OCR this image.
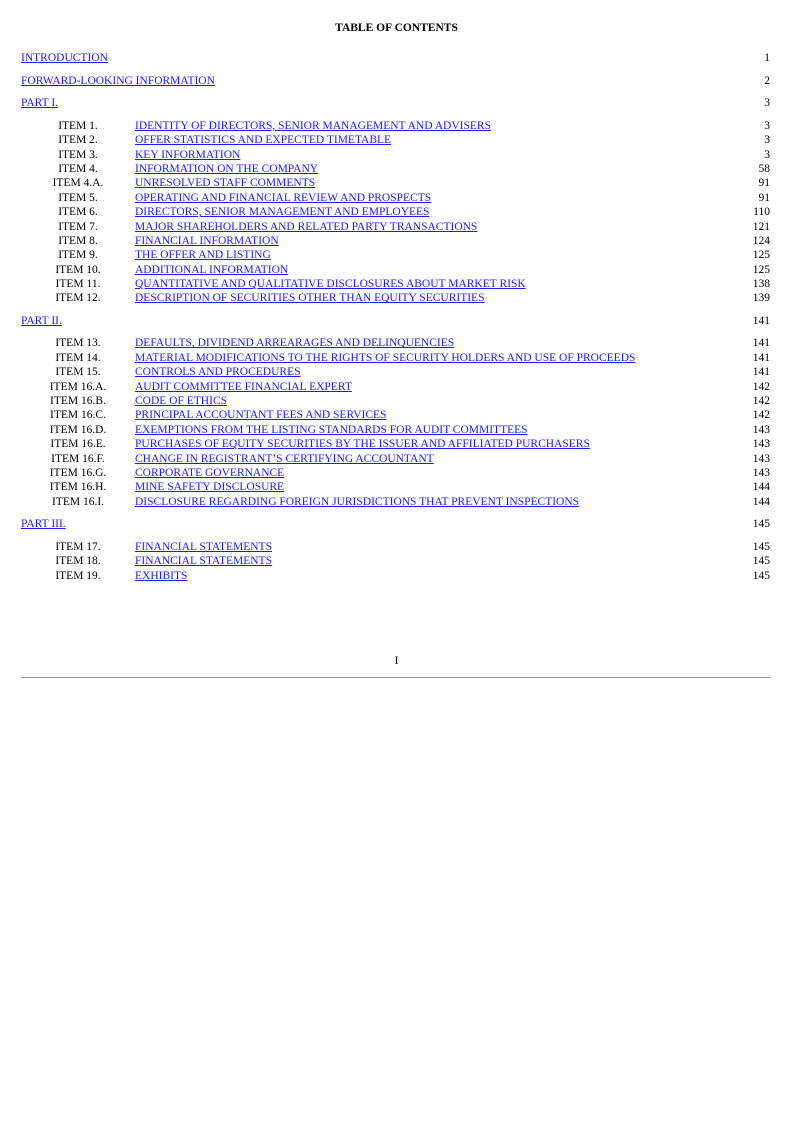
TABLE OF CONTENTS
INTRODUCTION	1
FORWARD-LOOKING INFORMATION	2
PART I.	3
ITEM 1.	IDENTITY OF DIRECTORS, SENIOR MANAGEMENT AND ADVISERS	3
ITEM 2.	OFFER STATISTICS AND EXPECTED TIMETABLE	3
ITEM 3.	KEY INFORMATION	3
ITEM 4.	INFORMATION ON THE COMPANY	58
ITEM 4.A.	UNRESOLVED STAFF COMMENTS	91
ITEM 5.	OPERATING AND FINANCIAL REVIEW AND PROSPECTS	91
ITEM 6.	DIRECTORS, SENIOR MANAGEMENT AND EMPLOYEES	110
ITEM 7.	MAJOR SHAREHOLDERS AND RELATED PARTY TRANSACTIONS	121
ITEM 8.	FINANCIAL INFORMATION	124
ITEM 9.	THE OFFER AND LISTING	125
ITEM 10.	ADDITIONAL INFORMATION	125
ITEM 11.	QUANTITATIVE AND QUALITATIVE DISCLOSURES ABOUT MARKET RISK	138
ITEM 12.	DESCRIPTION OF SECURITIES OTHER THAN EQUITY SECURITIES	139
PART II.	141
ITEM 13.	DEFAULTS, DIVIDEND ARREARAGES AND DELINQUENCIES	141
ITEM 14.	MATERIAL MODIFICATIONS TO THE RIGHTS OF SECURITY HOLDERS AND USE OF PROCEEDS	141
ITEM 15.	CONTROLS AND PROCEDURES	141
ITEM 16.A.	AUDIT COMMITTEE FINANCIAL EXPERT	142
ITEM 16.B.	CODE OF ETHICS	142
ITEM 16.C.	PRINCIPAL ACCOUNTANT FEES AND SERVICES	142
ITEM 16.D.	EXEMPTIONS FROM THE LISTING STANDARDS FOR AUDIT COMMITTEES	143
ITEM 16.E.	PURCHASES OF EQUITY SECURITIES BY THE ISSUER AND AFFILIATED PURCHASERS	143
ITEM 16.F.	CHANGE IN REGISTRANT’S CERTIFYING ACCOUNTANT	143
ITEM 16.G.	CORPORATE GOVERNANCE	143
ITEM 16.H.	MINE SAFETY DISCLOSURE	144
ITEM 16.I.	DISCLOSURE REGARDING FOREIGN JURISDICTIONS THAT PREVENT INSPECTIONS	144
PART III.	145
ITEM 17.	FINANCIAL STATEMENTS	145
ITEM 18.	FINANCIAL STATEMENTS	145
ITEM 19.	EXHIBITS	145
I
